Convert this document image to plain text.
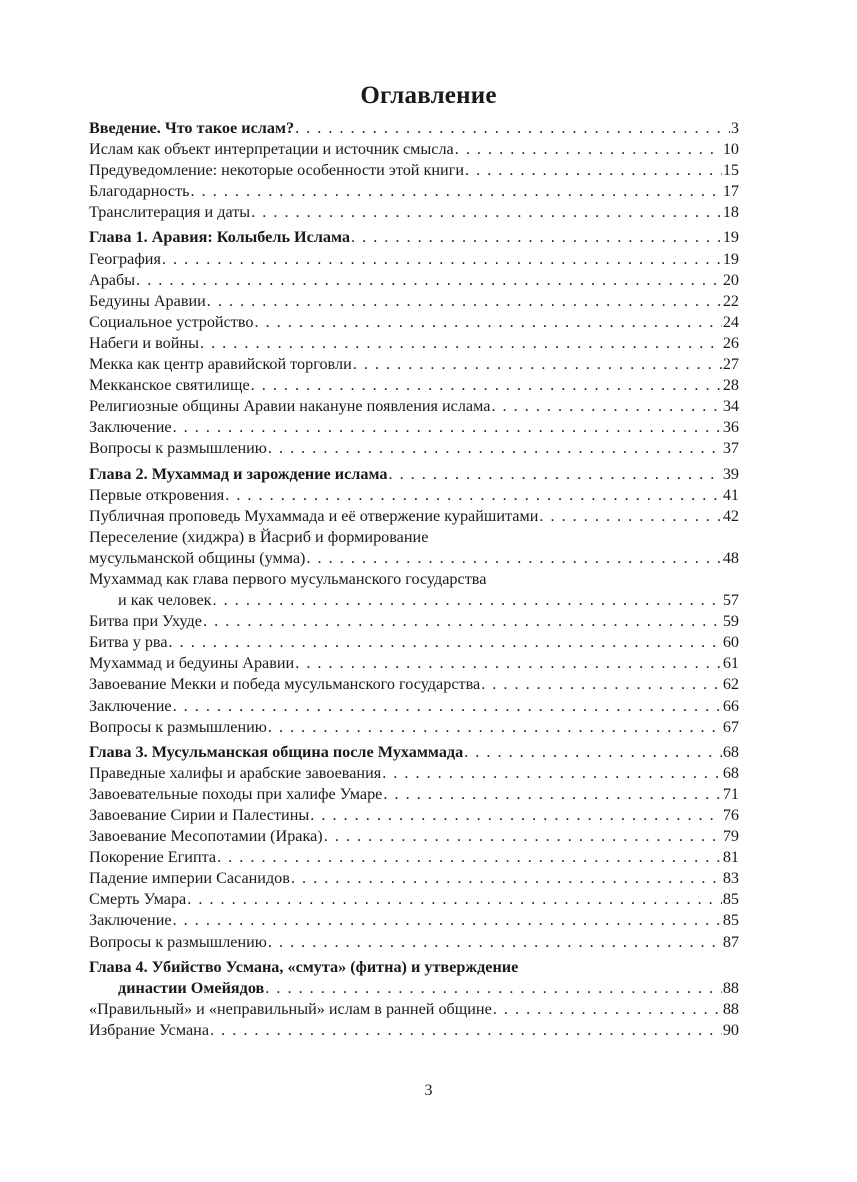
Оглавление
Введение. Что такое ислам? . . .	3
Ислам как объект интерпретации и источник смысла . . .	10
Предуведомление: некоторые особенности этой книги . . .	15
Благодарность . . .	17
Транслитерация и даты . . .	18
Глава 1. Аравия: Колыбель Ислама . . .	19
География . . .	19
Арабы . . .	20
Бедуины Аравии . . .	22
Социальное устройство . . .	24
Набеги и войны . . .	26
Мекка как центр аравийской торговли . . .	27
Мекканское святилище . . .	28
Религиозные общины Аравии накануне появления ислама . . .	34
Заключение . . .	36
Вопросы к размышлению . . .	37
Глава 2. Мухаммад и зарождение ислама . . .	39
Первые откровения . . .	41
Публичная проповедь Мухаммада и её отвержение курайшитами . . .	42
Переселение (хиджра) в Йасриб и формирование
мусульманской общины (умма) . . .	48
Мухаммад как глава первого мусульманского государства
и как человек . . .	57
Битва при Ухуде . . .	59
Битва у рва . . .	60
Мухаммад и бедуины Аравии . . .	61
Завоевание Мекки и победа мусульманского государства . . .	62
Заключение . . .	66
Вопросы к размышлению . . .	67
Глава 3. Мусульманская община после Мухаммада . . .	68
Праведные халифы и арабские завоевания . . .	68
Завоевательные походы при халифе Умаре . . .	71
Завоевание Сирии и Палестины . . .	76
Завоевание Месопотамии (Ирака) . . .	79
Покорение Египта . . .	81
Падение империи Сасанидов . . .	83
Смерть Умара . . .	85
Заключение . . .	85
Вопросы к размышлению . . .	87
Глава 4. Убийство Усмана, «смута» (фитна) и утверждение
династии Омейядов . . .	88
«Правильный» и «неправильный» ислам в ранней общине . . .	88
Избрание Усмана . . .	90
3
